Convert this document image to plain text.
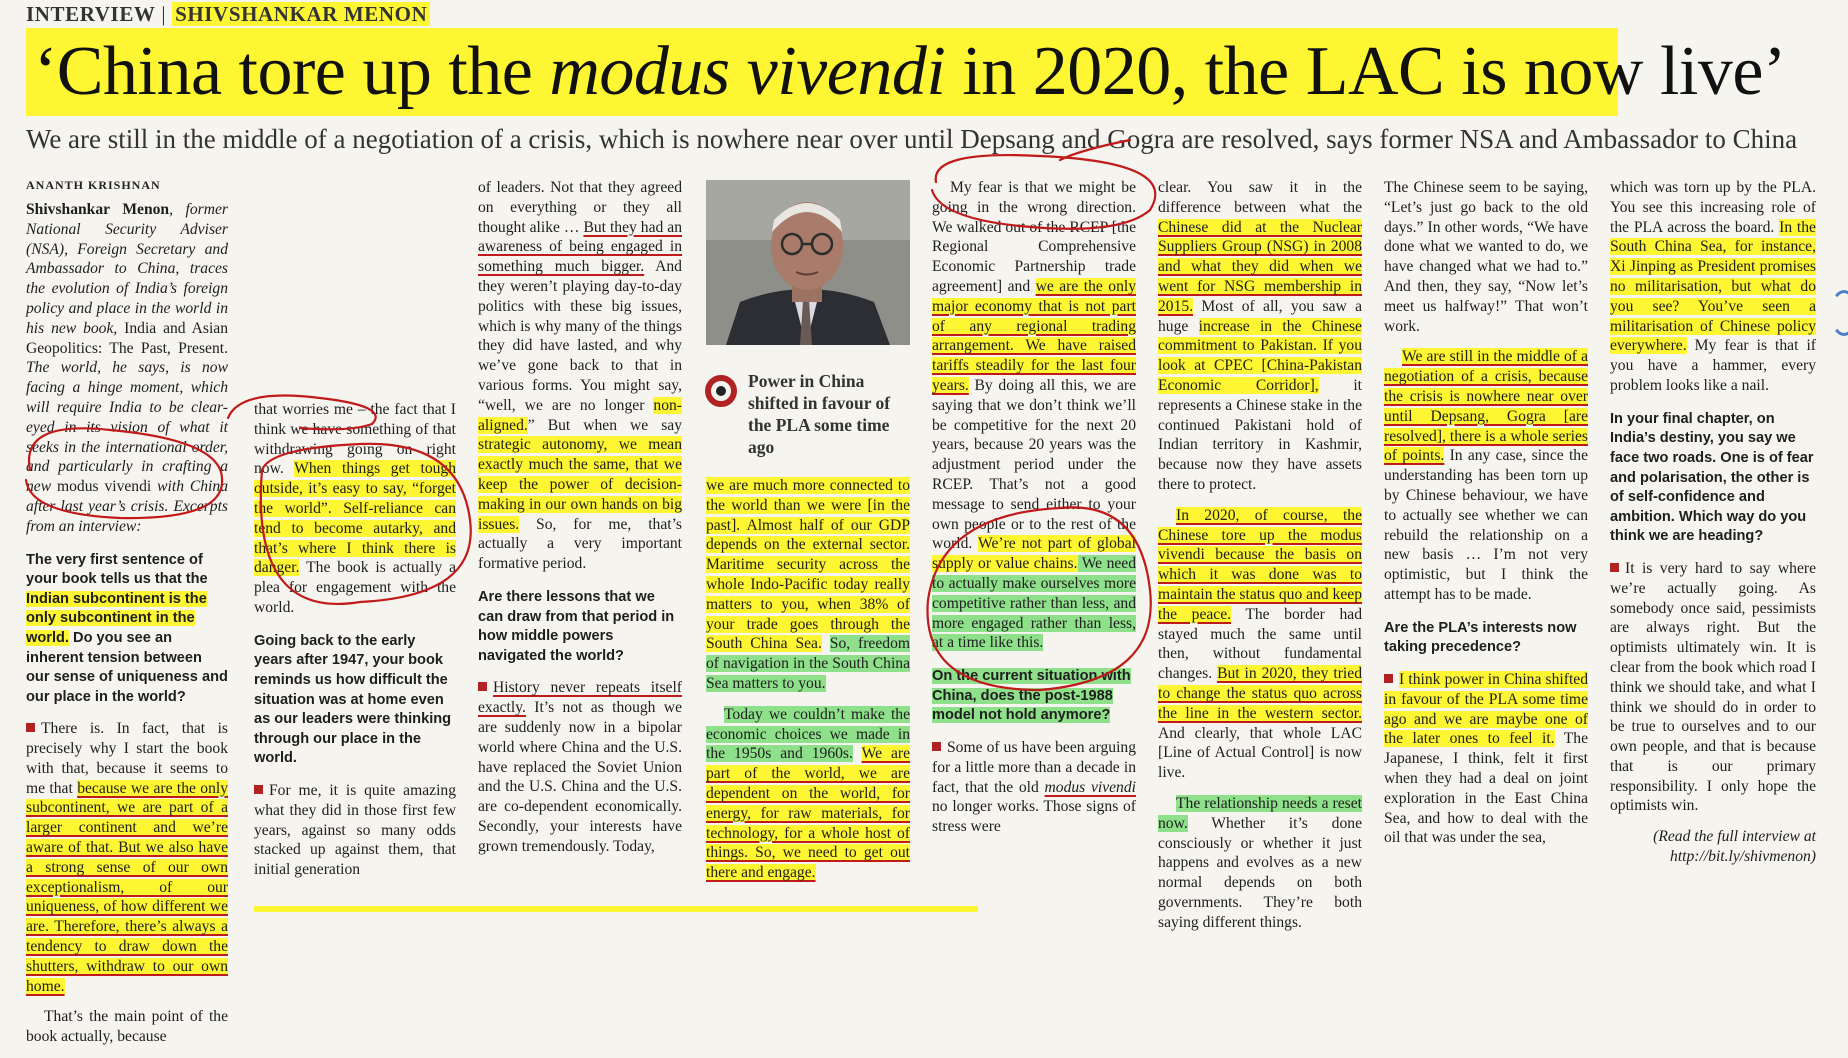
INTERVIEW | SHIVSHANKAR MENON
‘China tore up the modus vivendi in 2020, the LAC is now live’
We are still in the middle of a negotiation of a crisis, which is nowhere near over until Depsang and Gogra are resolved, says former NSA and Ambassador to China
ANANTH KRISHNAN

Shivshankar Menon, former National Security Adviser (NSA), Foreign Secretary and Ambassador to China, traces the evolution of India’s foreign policy and place in the world in his new book, India and Asian Geopolitics: The Past, Present. The world, he says, is now facing a hinge moment, which will require India to be clear-eyed in its vision of what it seeks in the international order, and particularly in crafting a new modus vivendi with China after last year’s crisis. Excerpts from an interview:

The very first sentence of your book tells us that the Indian subcontinent is the only subcontinent in the world. Do you see an inherent tension between our sense of uniqueness and our place in the world?

There is. In fact, that is precisely why I start the book with that, because it seems to me that because we are the only subcontinent, we are part of a larger continent and we’re aware of that. But we also have a strong sense of our own exceptionalism, of our uniqueness, of how different we are. Therefore, there’s always a tendency to draw down the shutters, withdraw to our own home.

That’s the main point of the book actually, because

that worries me – the fact that I think we have something of that withdrawing going on right now. When things get tough outside, it’s easy to say, “forget the world”. Self-reliance can tend to become autarky, and that’s where I think there is danger. The book is actually a plea for engagement with the world.

Going back to the early years after 1947, your book reminds us how difficult the situation was at home even as our leaders were thinking through our place in the world.

For me, it is quite amazing what they did in those first few years, against so many odds stacked up against them, that initial generation

of leaders. Not that they agreed on everything or they all thought alike … But they had an awareness of being engaged in something much bigger. And they weren’t playing day-to-day politics with these big issues, which is why many of the things they did have lasted, and why we’ve gone back to that in various forms. You might say, “well, we are no longer non-aligned.” But when we say strategic autonomy, we mean exactly much the same, that we keep the power of decision-making in our own hands on big issues. So, for me, that’s actually a very important formative period.

Are there lessons that we can draw from that period in how middle powers navigated the world?

History never repeats itself exactly. It’s not as though we are suddenly now in a bipolar world where China and the U.S. have replaced the Soviet Union and the U.S. China and the U.S. are co-dependent economically. Secondly, your interests have grown tremendously. Today,

Power in China shifted in favour of the PLA some time ago

we are much more connected to the world than we were [in the past]. Almost half of our GDP depends on the external sector. Maritime security across the whole Indo-Pacific today really matters to you, when 38% of your trade goes through the South China Sea. So, freedom of navigation in the South China Sea matters to you.

Today we couldn’t make the economic choices we made in the 1950s and 1960s. We are part of the world, we are dependent on the world, for energy, for raw materials, for technology, for a whole host of things. So, we need to get out there and engage.

My fear is that we might be going in the wrong direction. We walked out of the RCEP [the Regional Comprehensive Economic Partnership trade agreement] and we are the only major economy that is not part of any regional trading arrangement. We have raised tariffs steadily for the last four years. By doing all this, we are saying that we don’t think we’ll be competitive for the next 20 years, because 20 years was the adjustment period under the RCEP. That’s not a good message to send either to your own people or to the rest of the world. We’re not part of global supply or value chains. We need to actually make ourselves more competitive rather than less, and more engaged rather than less, at a time like this.

On the current situation with China, does the post-1988 model not hold anymore?

Some of us have been arguing for a little more than a decade in fact, that the old modus vivendi no longer works. Those signs of stress were

clear. You saw it in the difference between what the Chinese did at the Nuclear Suppliers Group (NSG) in 2008 and what they did when we went for NSG membership in 2015. Most of all, you saw a huge increase in the Chinese commitment to Pakistan. If you look at CPEC [China-Pakistan Economic Corridor], it represents a Chinese stake in the continued Pakistani hold of Indian territory in Kashmir, because now they have assets there to protect.

In 2020, of course, the Chinese tore up the modus vivendi because the basis on which it was done was to maintain the status quo and keep the peace. The border had stayed much the same until then, without fundamental changes. But in 2020, they tried to change the status quo across the line in the western sector. And clearly, that whole LAC [Line of Actual Control] is now live.

The relationship needs a reset now. Whether it’s done consciously or whether it just happens and evolves as a new normal depends on both governments. They’re both saying different things.

The Chinese seem to be saying, “Let’s just go back to the old days.” In other words, “We have done what we wanted to do, we have changed what we had to.” And then, they say, “Now let’s meet us halfway!” That won’t work.

We are still in the middle of a negotiation of a crisis, because the crisis is nowhere near over until Depsang, Gogra [are resolved], there is a whole series of points. In any case, since the understanding has been torn up by Chinese behaviour, we have to actually see whether we can rebuild the relationship on a new basis … I’m not very optimistic, but I think the attempt has to be made.

Are the PLA’s interests now taking precedence?

I think power in China shifted in favour of the PLA some time ago and we are maybe one of the later ones to feel it. The Japanese, I think, felt it first when they had a deal on joint exploration in the East China Sea, and how to deal with the oil that was under the sea,

which was torn up by the PLA. You see this increasing role of the PLA across the board. In the South China Sea, for instance, Xi Jinping as President promises no militarisation, but what do you see? You’ve seen a militarisation of Chinese policy everywhere. My fear is that if you have a hammer, every problem looks like a nail.

In your final chapter, on India’s destiny, you say we face two roads. One is of fear and polarisation, the other is of self-confidence and ambition. Which way do you think we are heading?

It is very hard to say where we’re actually going. As somebody once said, pessimists are always right. But the optimists ultimately win. It is clear from the book which road I think we should take, and what I think we should do in order to be true to ourselves and to our own people, and that is because that is our primary responsibility. I only hope the optimists win.

(Read the full interview at http://bit.ly/shivmenon)
